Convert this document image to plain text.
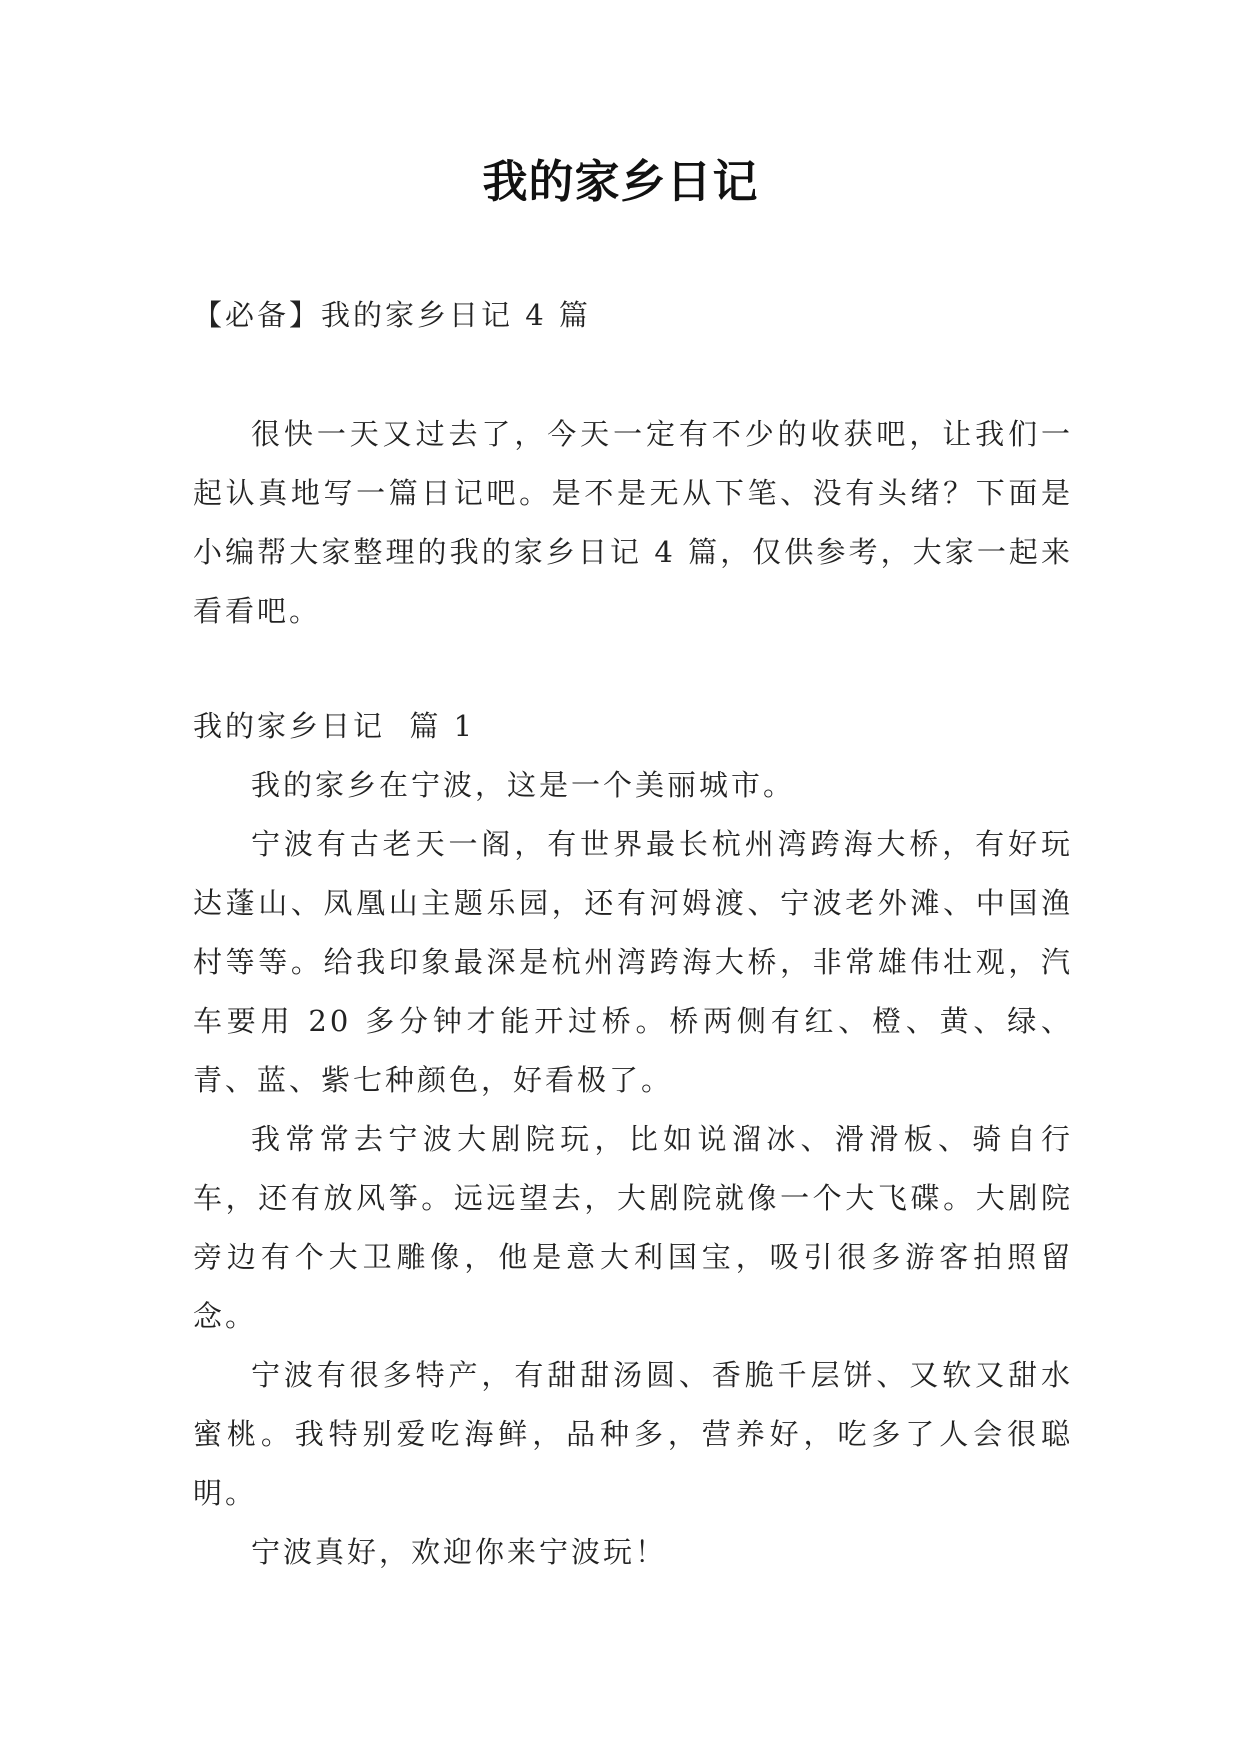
我的家乡日记
【必备】我的家乡日记 4 篇

很快一天又过去了，今天一定有不少的收获吧，让我们一起认真地写一篇日记吧。是不是无从下笔、没有头绪？下面是小编帮大家整理的我的家乡日记 4 篇，仅供参考，大家一起来看看吧。

我的家乡日记  篇 1

我的家乡在宁波，这是一个美丽城市。

宁波有古老天一阁，有世界最长杭州湾跨海大桥，有好玩达蓬山、凤凰山主题乐园，还有河姆渡、宁波老外滩、中国渔村等等。给我印象最深是杭州湾跨海大桥，非常雄伟壮观，汽车要用 20 多分钟才能开过桥。桥两侧有红、橙、黄、绿、青、蓝、紫七种颜色，好看极了。

我常常去宁波大剧院玩，比如说溜冰、滑滑板、骑自行车，还有放风筝。远远望去，大剧院就像一个大飞碟。大剧院旁边有个大卫雕像，他是意大利国宝，吸引很多游客拍照留念。

宁波有很多特产，有甜甜汤圆、香脆千层饼、又软又甜水蜜桃。我特别爱吃海鲜，品种多，营养好，吃多了人会很聪明。

宁波真好，欢迎你来宁波玩！
